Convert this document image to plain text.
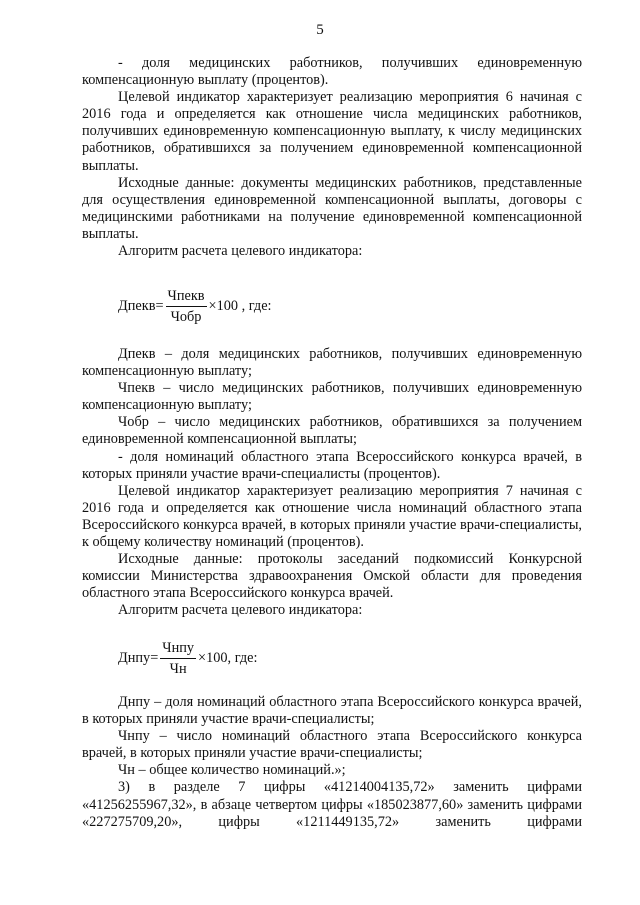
5

- доля медицинских работников, получивших единовременную компенсационную выплату (процентов).

Целевой индикатор характеризует реализацию мероприятия 6 начиная с 2016 года и определяется как отношение числа медицинских работников, получивших единовременную компенсационную выплату, к числу медицинских работников, обратившихся за получением единовременной компенсационной выплаты.

Исходные данные: документы медицинских работников, представленные для осуществления единовременной компенсационной выплаты, договоры с медицинскими работниками на получение единовременной компенсационной выплаты.

Алгоритм расчета целевого индикатора:

Дпекв = $\frac{\text{Чпекв}}{\text{Чобр}} \times 100$ , где:

Дпекв – доля медицинских работников, получивших единовременную компенсационную выплату;

Чпекв – число медицинских работников, получивших единовременную компенсационную выплату;

Чобр – число медицинских работников, обратившихся за получением единовременной компенсационной выплаты;

- доля номинаций областного этапа Всероссийского конкурса врачей, в которых приняли участие врачи-специалисты (процентов).

Целевой индикатор характеризует реализацию мероприятия 7 начиная с 2016 года и определяется как отношение числа номинаций областного этапа Всероссийского конкурса врачей, в которых приняли участие врачи-специалисты, к общему количеству номинаций (процентов).

Исходные данные: протоколы заседаний подкомиссий Конкурсной комиссии Министерства здравоохранения Омской области для проведения областного этапа Всероссийского конкурса врачей.

Алгоритм расчета целевого индикатора:

Днпу = $\frac{\text{Чнпу}}{Чн} \times 100$, где:

Днпу – доля номинаций областного этапа Всероссийского конкурса врачей, в которых приняли участие врачи-специалисты;

Чнпу – число номинаций областного этапа Всероссийского конкурса врачей, в которых приняли участие врачи-специалисты;

Чн – общее количество номинаций.»;

3) в разделе 7 цифры «41214004135,72» заменить цифрами «41256255967,32», в абзаце четвертом цифры «185023877,60» заменить цифрами «227275709,20», цифры «1211449135,72» заменить цифрами
